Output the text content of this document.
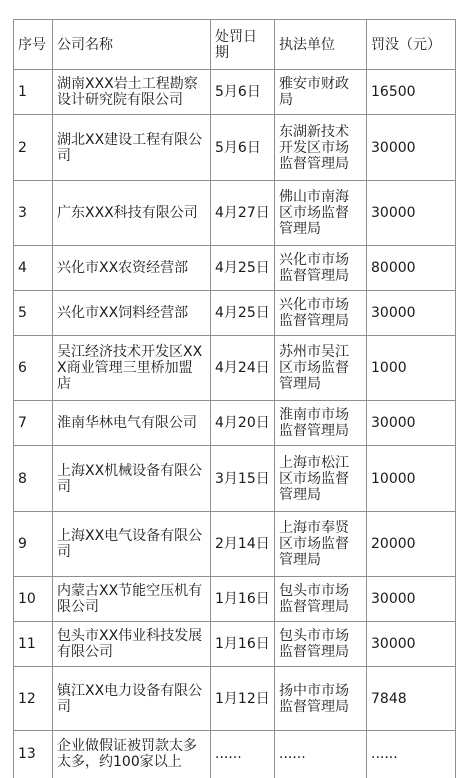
序号	公司名称	处罚日期	执法单位	罚没（元）
1	湖南XXX岩土工程勘察设计研究院有限公司	5月6日	雅安市财政局	16500
2	湖北XX建设工程有限公司	5月6日	东湖新技术开发区市场监督管理局	30000
3	广东XXX科技有限公司	4月27日	佛山市南海区市场监督管理局	30000
4	兴化市XX农资经营部	4月25日	兴化市市场监督管理局	80000
5	兴化市XX饲料经营部	4月25日	兴化市市场监督管理局	30000
6	吴江经济技术开发区XXX商业管理三里桥加盟店	4月24日	苏州市吴江区市场监督管理局	1000
7	淮南华林电气有限公司	4月20日	淮南市市场监督管理局	30000
8	上海XX机械设备有限公司	3月15日	上海市松江区市场监督管理局	10000
9	上海XX电气设备有限公司	2月14日	上海市奉贤区市场监督管理局	20000
10	内蒙古XX节能空压机有限公司	1月16日	包头市市场监督管理局	30000
11	包头市XX伟业科技发展有限公司	1月16日	包头市市场监督管理局	30000
12	镇江XX电力设备有限公司	1月12日	扬中市市场监督管理局	7848
13	企业做假证被罚款太多太多，约100家以上	......	......	......
